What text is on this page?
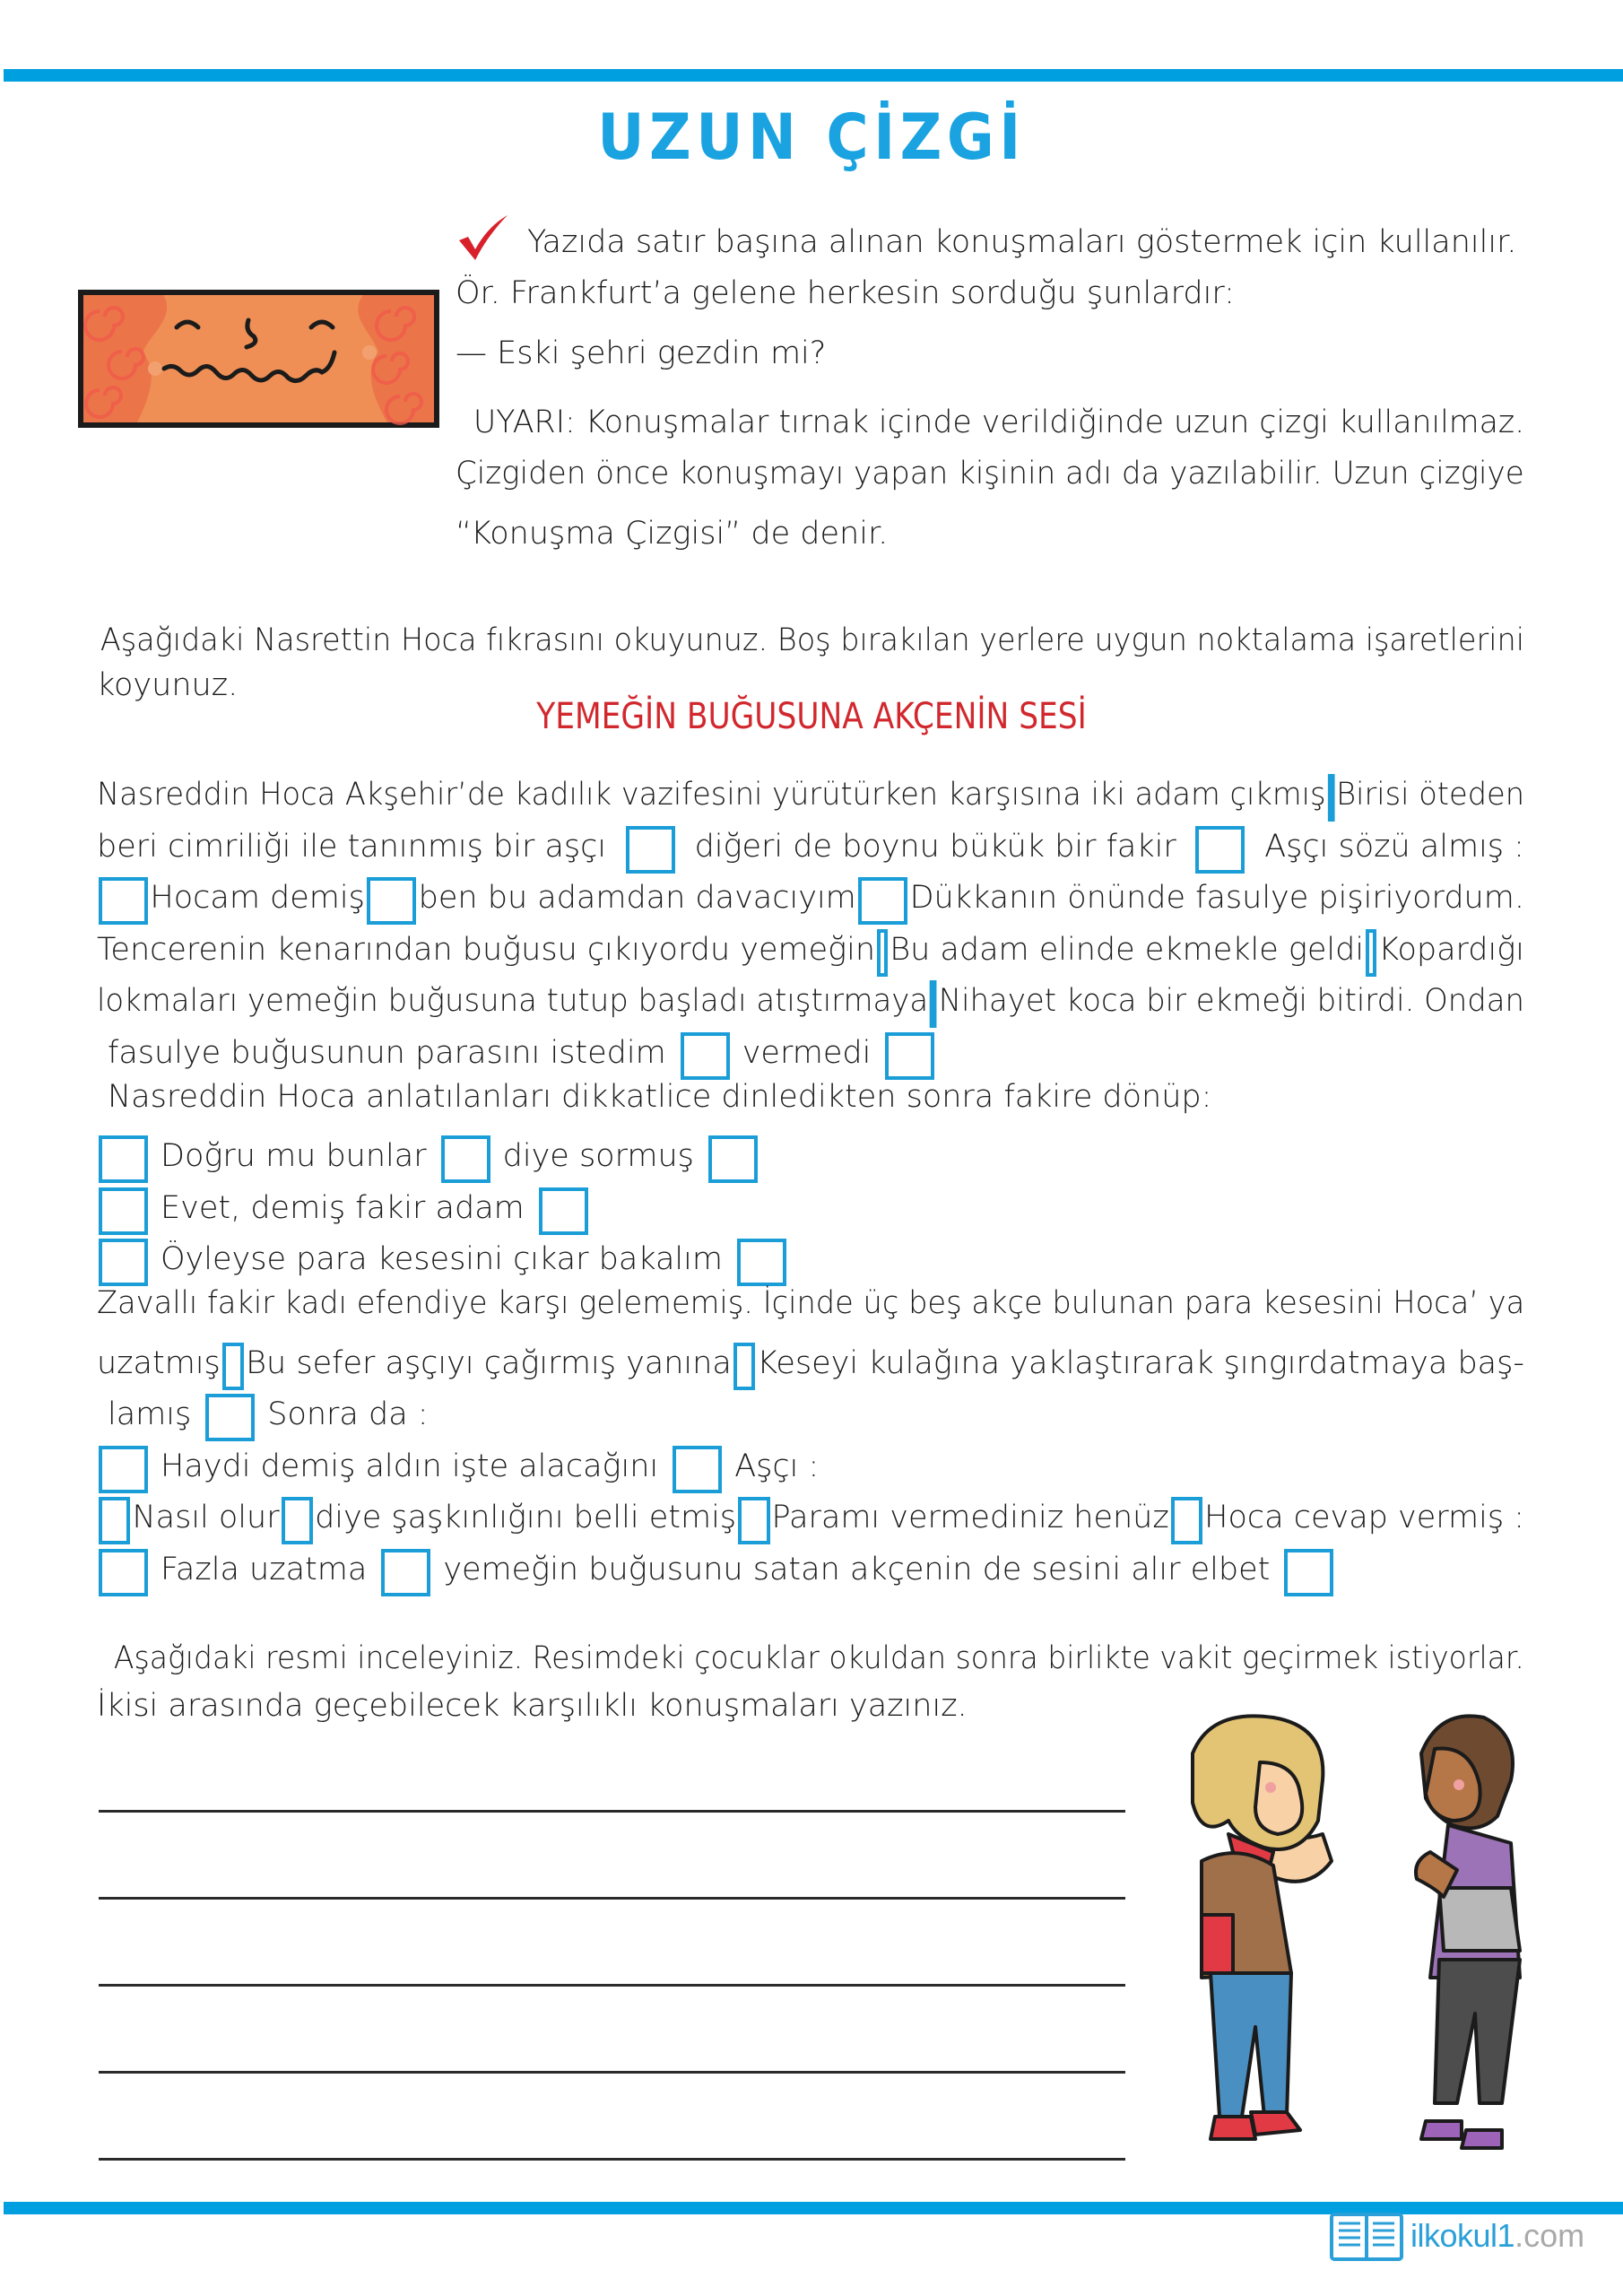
UZUN ÇİZGİ
Yazıda satır başına alınan konuşmaları göstermek için kullanılır.
Ör. Frankfurt’a gelene herkesin sorduğu şunlardır:
— Eski şehri gezdin mi?
UYARI: Konuşmalar tırnak içinde verildiğinde uzun çizgi kullanılmaz.
Çizgiden önce konuşmayı yapan kişinin adı da yazılabilir. Uzun çizgiye
“Konuşma Çizgisi” de denir.
Aşağıdaki Nasrettin Hoca fıkrasını okuyunuz. Boş bırakılan yerlere uygun noktalama işaretlerini
koyunuz.
YEMEĞİN BUĞUSUNA AKÇENİN SESİ
Nasreddin Hoca Akşehir’de kadılık vazifesini yürütürken karşısına iki adam çıkmış Birisi öteden
beri cimriliği ile tanınmış bir aşçı	diğeri de boynu bükük bir fakir	Aşçı sözü almış :
Hocam demiş ben bu adamdan davacıyım Dükkanın önünde fasulye pişiriyordum.
Tencerenin kenarından buğusu çıkıyordu yemeğin Bu adam elinde ekmekle geldi Kopardığı
lokmaları yemeğin buğusuna tutup başladı atıştırmaya Nihayet koca bir ekmeği bitirdi. Ondan
fasulye buğusunun parasını istedim vermedi
Nasreddin Hoca anlatılanları dikkatlice dinledikten sonra fakire dönüp:
Doğru mu bunlar diye sormuş
Evet, demiş fakir adam
Öyleyse para kesesini çıkar bakalım
Zavallı fakir kadı efendiye karşı gelememiş. İçinde üç beş akçe bulunan para kesesini Hoca’ ya
uzatmış Bu sefer aşçıyı çağırmış yanına Keseyi kulağına yaklaştırarak şıngırdatmaya baş-
lamış Sonra da :
Haydi demiş aldın işte alacağını Aşçı :
Nasıl olur diye şaşkınlığını belli etmiş Paramı vermediniz henüz Hoca cevap vermiş :
Fazla uzatma yemeğin buğusunu satan akçenin de sesini alır elbet
Aşağıdaki resmi inceleyiniz. Resimdeki çocuklar okuldan sonra birlikte vakit geçirmek istiyorlar.
İkisi arasında geçebilecek karşılıklı konuşmaları yazınız.
ilkokul1 .com
